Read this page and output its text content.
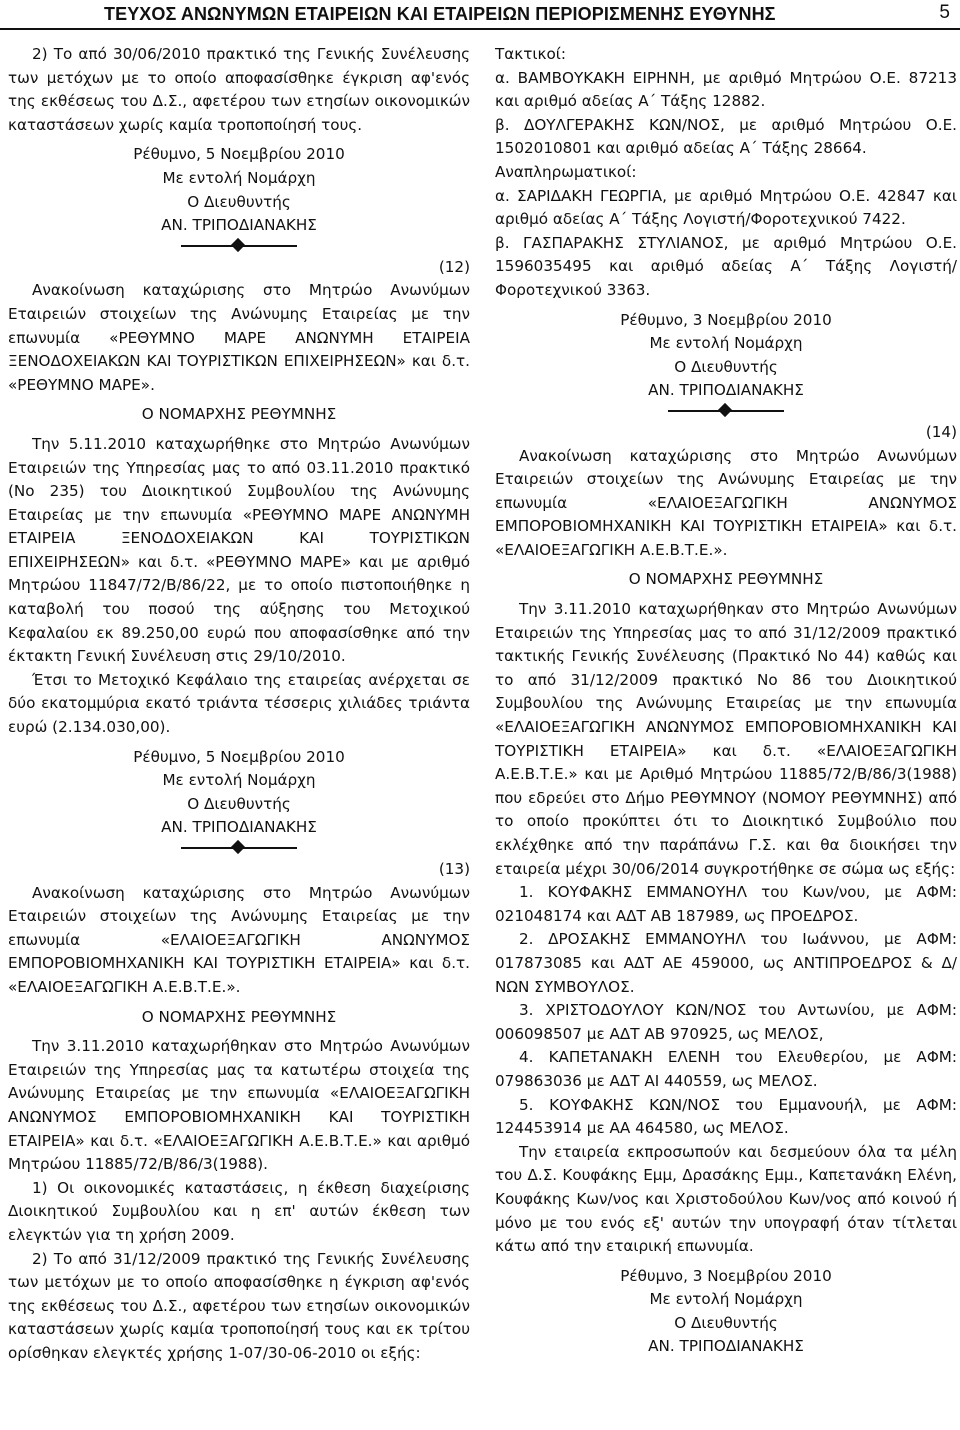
ΤΕΥΧΟΣ ΑΝΩΝΥΜΩΝ ΕΤΑΙΡΕΙΩΝ ΚΑΙ ΕΤΑΙΡΕΙΩΝ ΠΕΡΙΟΡΙΣΜΕΝΗΣ ΕΥΘΥΝΗΣ	5

2) Το από 30/06/2010 πρακτικό της Γενικής Συνέλευσης των μετόχων με το οποίο αποφασίσθηκε έγκριση αφ'ενός της εκθέσεως του Δ.Σ., αφετέρου των ετησίων οικονομικών καταστάσεων χωρίς καμία τροποποίησή τους.

Ρέθυμνο, 5 Νοεμβρίου 2010

Με εντολή Νομάρχη

Ο Διευθυντής

ΑΝ. ΤΡΙΠΟΔΙΑΝΑΚΗΣ

(12)

Ανακοίνωση καταχώρισης στο Μητρώο Ανωνύμων Εταιρειών στοιχείων της Ανώνυμης Εταιρείας με την επωνυμία «ΡΕΘΥΜΝΟ ΜΑΡΕ ΑΝΩΝΥΜΗ ΕΤΑΙΡΕΙΑ ΞΕΝΟΔΟΧΕΙΑΚΩΝ ΚΑΙ ΤΟΥΡΙΣΤΙΚΩΝ ΕΠΙΧΕΙΡΗΣΕΩΝ» και δ.τ. «ΡΕΘΥΜΝΟ ΜΑΡΕ».

Ο ΝΟΜΑΡΧΗΣ ΡΕΘΥΜΝΗΣ

Την 5.11.2010 καταχωρήθηκε στο Μητρώο Ανωνύμων Εταιρειών της Υπηρεσίας μας το από 03.11.2010 πρακτικό (Νο 235) του Διοικητικού Συμβουλίου της Ανώνυμης Εταιρείας με την επωνυμία «ΡΕΘΥΜΝΟ ΜΑΡΕ ΑΝΩΝΥΜΗ ΕΤΑΙΡΕΙΑ ΞΕΝΟΔΟΧΕΙΑΚΩΝ ΚΑΙ ΤΟΥΡΙΣΤΙΚΩΝ ΕΠΙΧΕΙΡΗΣΕΩΝ» και δ.τ. «ΡΕΘΥΜΝΟ ΜΑΡΕ» και με αριθμό Μητρώου 11847/72/Β/86/22, με το οποίο πιστοποιήθηκε η καταβολή του ποσού της αύξησης του Μετοχικού Κεφαλαίου εκ 89.250,00 ευρώ που αποφασίσθηκε από την έκτακτη Γενική Συνέλευση στις 29/10/2010.

Έτσι το Μετοχικό Κεφάλαιο της εταιρείας ανέρχεται σε δύο εκατομμύρια εκατό τριάντα τέσσερις χιλιάδες τριάντα ευρώ (2.134.030,00).

Ρέθυμνο, 5 Νοεμβρίου 2010

Με εντολή Νομάρχη

Ο Διευθυντής

ΑΝ. ΤΡΙΠΟΔΙΑΝΑΚΗΣ

(13)

Ανακοίνωση καταχώρισης στο Μητρώο Ανωνύμων Εταιρειών στοιχείων της Ανώνυμης Εταιρείας με την επωνυμία «ΕΛΑΙΟΕΞΑΓΩΓΙΚΗ ΑΝΩΝΥΜΟΣ ΕΜΠΟΡΟΒΙΟΜΗΧΑΝΙΚΗ ΚΑΙ ΤΟΥΡΙΣΤΙΚΗ ΕΤΑΙΡΕΙΑ» και δ.τ. «ΕΛΑΙΟΕΞΑΓΩΓΙΚΗ Α.Ε.Β.Τ.Ε.».

Ο ΝΟΜΑΡΧΗΣ ΡΕΘΥΜΝΗΣ

Την 3.11.2010 καταχωρήθηκαν στο Μητρώο Ανωνύμων Εταιρειών της Υπηρεσίας μας τα κατωτέρω στοιχεία της Ανώνυμης Εταιρείας με την επωνυμία «ΕΛΑΙΟΕΞΑΓΩΓΙΚΗ ΑΝΩΝΥΜΟΣ ΕΜΠΟΡΟΒΙΟΜΗΧΑΝΙΚΗ ΚΑΙ ΤΟΥΡΙΣΤΙΚΗ ΕΤΑΙΡΕΙΑ» και δ.τ. «ΕΛΑΙΟΕΞΑΓΩΓΙΚΗ Α.Ε.Β.Τ.Ε.» και αριθμό Μητρώου 11885/72/Β/86/3(1988).

1) Οι οικονομικές καταστάσεις, η έκθεση διαχείρισης Διοικητικού Συμβουλίου και η επ' αυτών έκθεση των ελεγκτών για τη χρήση 2009.

2) Το από 31/12/2009 πρακτικό της Γενικής Συνέλευσης των μετόχων με το οποίο αποφασίσθηκε η έγκριση αφ'ενός της εκθέσεως του Δ.Σ., αφετέρου των ετησίων οικονομικών καταστάσεων χωρίς καμία τροποποίησή τους και εκ τρίτου ορίσθηκαν ελεγκτές χρήσης 1-07/30-06-2010 οι εξής:

Τακτικοί:

α. ΒΑΜΒΟΥΚΑΚΗ ΕΙΡΗΝΗ, με αριθμό Μητρώου Ο.Ε. 87213 και αριθμό αδείας Α΄ Τάξης 12882.

β. ΔΟΥΛΓΕΡΑΚΗΣ ΚΩΝ/ΝΟΣ, με αριθμό Μητρώου Ο.Ε. 1502010801 και αριθμό αδείας Α΄ Τάξης 28664.

Αναπληρωματικοί:

α. ΣΑΡΙΔΑΚΗ ΓΕΩΡΓΙΑ, με αριθμό Μητρώου Ο.Ε. 42847 και αριθμό αδείας Α΄ Τάξης Λογιστή/Φοροτεχνικού 7422.

β. ΓΑΣΠΑΡΑΚΗΣ ΣΤΥΛΙΑΝΟΣ, με αριθμό Μητρώου Ο.Ε. 1596035495 και αριθμό αδείας Α΄ Τάξης Λογιστή/Φοροτεχνικού 3363.

Ρέθυμνο, 3 Νοεμβρίου 2010

Με εντολή Νομάρχη

Ο Διευθυντής

ΑΝ. ΤΡΙΠΟΔΙΑΝΑΚΗΣ

(14)

Ανακοίνωση καταχώρισης στο Μητρώο Ανωνύμων Εταιρειών στοιχείων της Ανώνυμης Εταιρείας με την επωνυμία «ΕΛΑΙΟΕΞΑΓΩΓΙΚΗ ΑΝΩΝΥΜΟΣ ΕΜΠΟΡΟΒΙΟΜΗΧΑΝΙΚΗ ΚΑΙ ΤΟΥΡΙΣΤΙΚΗ ΕΤΑΙΡΕΙΑ» και δ.τ. «ΕΛΑΙΟΕΞΑΓΩΓΙΚΗ Α.Ε.Β.Τ.Ε.».

Ο ΝΟΜΑΡΧΗΣ ΡΕΘΥΜΝΗΣ

Την 3.11.2010 καταχωρήθηκαν στο Μητρώο Ανωνύμων Εταιρειών της Υπηρεσίας μας το από 31/12/2009 πρακτικό τακτικής Γενικής Συνέλευσης (Πρακτικό Νο 44) καθώς και το από 31/12/2009 πρακτικό Νο 86 του Διοικητικού Συμβουλίου της Ανώνυμης Εταιρείας με την επωνυμία «ΕΛΑΙΟΕΞΑΓΩΓΙΚΗ ΑΝΩΝΥΜΟΣ ΕΜΠΟΡΟΒΙΟΜΗΧΑΝΙΚΗ ΚΑΙ ΤΟΥΡΙΣΤΙΚΗ ΕΤΑΙΡΕΙΑ» και δ.τ. «ΕΛΑΙΟΕΞΑΓΩΓΙΚΗ Α.Ε.Β.Τ.Ε.» και με Αριθμό Μητρώου 11885/72/Β/86/3(1988) που εδρεύει στο Δήμο ΡΕΘΥΜΝΟΥ (ΝΟΜΟΥ ΡΕΘΥΜΝΗΣ) από το οποίο προκύπτει ότι το Διοικητικό Συμβούλιο που εκλέχθηκε από την παράπάνω Γ.Σ. και θα διοικήσει την εταιρεία μέχρι 30/06/2014 συγκροτήθηκε σε σώμα ως εξής:

1. ΚΟΥΦΑΚΗΣ ΕΜΜΑΝΟΥΗΛ του Κων/νου, με ΑΦΜ: 021048174 και ΑΔΤ ΑΒ 187989, ως ΠΡΟΕΔΡΟΣ.

2. ΔΡΟΣΑΚΗΣ ΕΜΜΑΝΟΥΗΛ του Ιωάννου, με ΑΦΜ: 017873085 και ΑΔΤ ΑΕ 459000, ως ΑΝΤΙΠΡΟΕΔΡΟΣ & Δ/ΝΩΝ ΣΥΜΒΟΥΛΟΣ.

3. ΧΡΙΣΤΟΔΟΥΛΟΥ ΚΩΝ/ΝΟΣ του Αντωνίου, με ΑΦΜ: 006098507 με ΑΔΤ ΑΒ 970925, ως ΜΕΛΟΣ,

4. ΚΑΠΕΤΑΝΑΚΗ ΕΛΕΝΗ του Ελευθερίου, με ΑΦΜ: 079863036 με ΑΔΤ ΑΙ 440559, ως ΜΕΛΟΣ.

5. ΚΟΥΦΑΚΗΣ ΚΩΝ/ΝΟΣ του Εμμανουήλ, με ΑΦΜ: 124453914 με ΑΑ 464580, ως ΜΕΛΟΣ.

Την εταιρεία εκπροσωπούν και δεσμεύουν όλα τα μέλη του Δ.Σ. Κουφάκης Εμμ, Δρασάκης Εμμ., Καπετανάκη Ελένη, Κουφάκης Κων/νος και Χριστοδούλου Κων/νος από κοινού ή μόνο με του ενός εξ' αυτών την υπογραφή όταν τίτλεται κάτω από την εταιρική επωνυμία.

Ρέθυμνο, 3 Νοεμβρίου 2010

Με εντολή Νομάρχη

Ο Διευθυντής

ΑΝ. ΤΡΙΠΟΔΙΑΝΑΚΗΣ
